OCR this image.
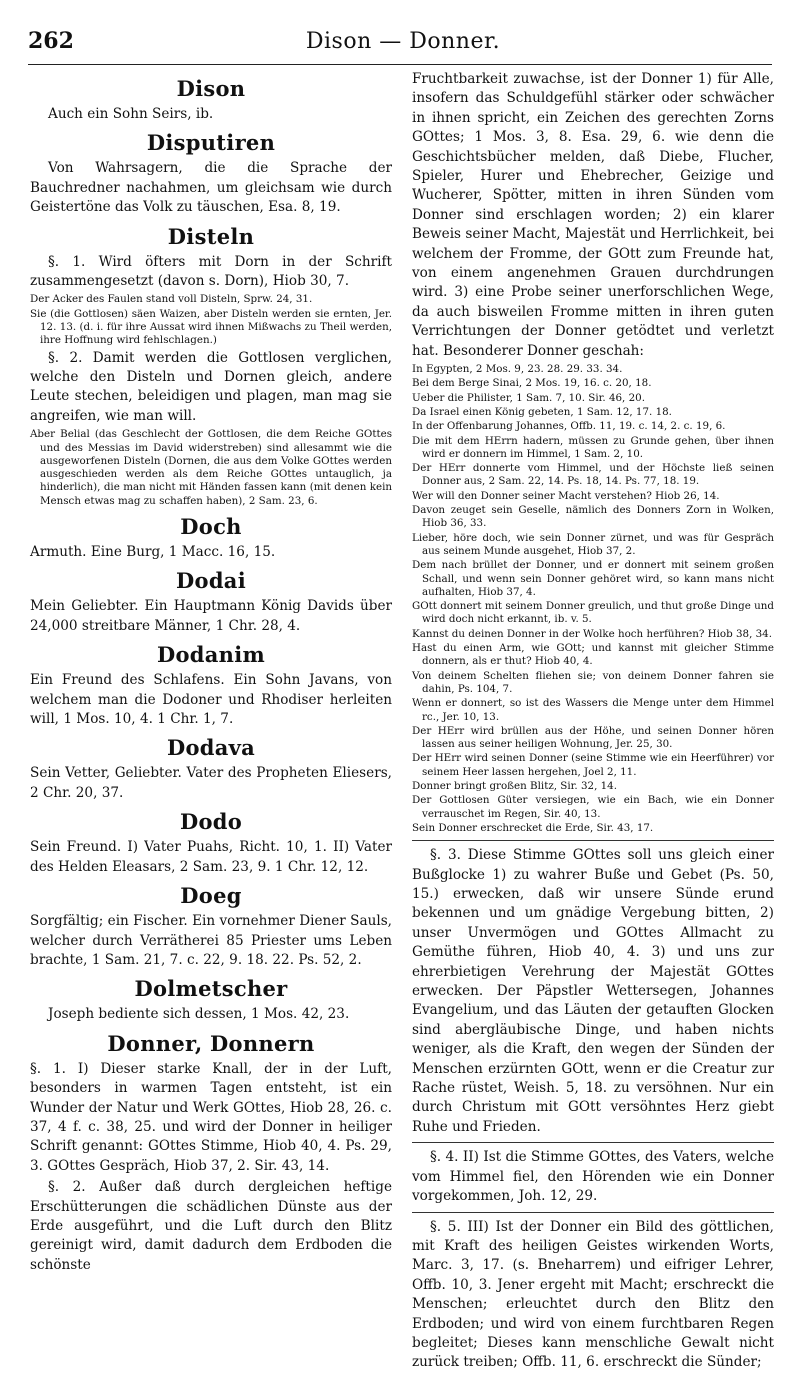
262	Dison — Donner.
Dison

Auch ein Sohn Seirs, ib.

Disputiren

Von Wahrsagern, die die Sprache der Bauchredner nachahmen, um gleichsam wie durch Geistertöne das Volk zu täuschen, Esa. 8, 19.

Disteln

§. 1. Wird öfters mit Dorn in der Schrift zusammengesetzt (davon s. Dorn), Hiob 30, 7.

Der Acker des Faulen stand voll Disteln, Sprw. 24, 31.

Sie (die Gottlosen) säen Waizen, aber Disteln werden sie ernten, Jer. 12. 13. (d. i. für ihre Aussat wird ihnen Mißwachs zu Theil werden, ihre Hoffnung wird fehlschlagen.)

§. 2. Damit werden die Gottlosen verglichen, welche den Disteln und Dornen gleich, andere Leute stechen, beleidigen und plagen, man mag sie angreifen, wie man will.

Aber Belial (das Geschlecht der Gottlosen, die dem Reiche GOttes und des Messias im David widerstreben) sind allesammt wie die ausgeworfenen Disteln (Dornen, die aus dem Volke GOttes werden ausgeschieden werden als dem Reiche GOttes untauglich, ja hinderlich), die man nicht mit Händen fassen kann (mit denen kein Mensch etwas mag zu schaffen haben), 2 Sam. 23, 6.

Doch

Armuth. Eine Burg, 1 Macc. 16, 15.

Dodai

Mein Geliebter. Ein Hauptmann König Davids über 24,000 streitbare Männer, 1 Chr. 28, 4.

Dodanim

Ein Freund des Schlafens. Ein Sohn Javans, von welchem man die Dodoner und Rhodiser herleiten will, 1 Mos. 10, 4. 1 Chr. 1, 7.

Dodava

Sein Vetter, Geliebter. Vater des Propheten Eliesers, 2 Chr. 20, 37.

Dodo

Sein Freund. I) Vater Puahs, Richt. 10, 1. II) Vater des Helden Eleasars, 2 Sam. 23, 9. 1 Chr. 12, 12.

Doeg

Sorgfältig; ein Fischer. Ein vornehmer Diener Sauls, welcher durch Verrätherei 85 Priester ums Leben brachte, 1 Sam. 21, 7. c. 22, 9. 18. 22. Ps. 52, 2.

Dolmetscher

Joseph bediente sich dessen, 1 Mos. 42, 23.

Donner, Donnern

§. 1. I) Dieser starke Knall, der in der Luft, besonders in warmen Tagen entsteht, ist ein Wunder der Natur und Werk GOttes, Hiob 28, 26. c. 37, 4 f. c. 38, 25. und wird der Donner in heiliger Schrift genannt: GOttes Stimme, Hiob 40, 4. Ps. 29, 3. GOttes Gespräch, Hiob 37, 2. Sir. 43, 14.

§. 2. Außer daß durch dergleichen heftige Erschütterungen die schädlichen Dünste aus der Erde ausgeführt, und die Luft durch den Blitz gereinigt wird, damit dadurch dem Erdboden die schönste

Fruchtbarkeit zuwachse, ist der Donner 1) für Alle, insofern das Schuldgefühl stärker oder schwächer in ihnen spricht, ein Zeichen des gerechten Zorns GOttes; 1 Mos. 3, 8. Esa. 29, 6. wie denn die Geschichtsbücher melden, daß Diebe, Flucher, Spieler, Hurer und Ehebrecher, Geizige und Wucherer, Spötter, mitten in ihren Sünden vom Donner sind erschlagen worden; 2) ein klarer Beweis seiner Macht, Majestät und Herrlichkeit, bei welchem der Fromme, der GOtt zum Freunde hat, von einem angenehmen Grauen durchdrungen wird. 3) eine Probe seiner unerforschlichen Wege, da auch bisweilen Fromme mitten in ihren guten Verrichtungen der Donner getödtet und verletzt hat. Besonderer Donner geschah:

In Egypten, 2 Mos. 9, 23. 28. 29. 33. 34.

Bei dem Berge Sinai, 2 Mos. 19, 16. c. 20, 18.

Ueber die Philister, 1 Sam. 7, 10. Sir. 46, 20.

Da Israel einen König gebeten, 1 Sam. 12, 17. 18.

In der Offenbarung Johannes, Offb. 11, 19. c. 14, 2. c. 19, 6.

Die mit dem HErrn hadern, müssen zu Grunde gehen, über ihnen wird er donnern im Himmel, 1 Sam. 2, 10.

Der HErr donnerte vom Himmel, und der Höchste ließ seinen Donner aus, 2 Sam. 22, 14. Ps. 18, 14. Ps. 77, 18. 19.

Wer will den Donner seiner Macht verstehen? Hiob 26, 14.

Davon zeuget sein Gesellе, nämlich des Donners Zorn in Wolken, Hiob 36, 33.

Lieber, höre doch, wie sein Donner zürnet, und was für Gespräch aus seinem Munde ausgehet, Hiob 37, 2.

Dem nach brüllet der Donner, und er donnert mit seinem großen Schall, und wenn sein Donner gehöret wird, so kann mans nicht aufhalten, Hiob 37, 4.

GOtt donnert mit seinem Donner greulich, und thut große Dinge und wird doch nicht erkannt, ib. v. 5.

Kannst du deinen Donner in der Wolke hoch herführen? Hiob 38, 34.

Hast du einen Arm, wie GOtt; und kannst mit gleicher Stimme donnern, als er thut? Hiob 40, 4.

Von deinem Schelten fliehen sie; von deinem Donner fahren sie dahin, Ps. 104, 7.

Wenn er donnert, so ist des Wassers die Menge unter dem Himmel rc., Jer. 10, 13.

Der HErr wird brüllen aus der Höhe, und seinen Donner hören lassen aus seiner heiligen Wohnung, Jer. 25, 30.

Der HErr wird seinen Donner (seine Stimme wie ein Heerführer) vor seinem Heer lassen hergehen, Joel 2, 11.

Donner bringt großen Blitz, Sir. 32, 14.

Der Gottlosen Güter versiegen, wie ein Bach, wie ein Donner verrauschet im Regen, Sir. 40, 13.

Sein Donner erschrecket die Erde, Sir. 43, 17.

§. 3. Diese Stimme GOttes soll uns gleich einer Bußglocke 1) zu wahrer Buße und Gebet (Ps. 50, 15.) erwecken, daß wir unsere Sünde erund bekennen und um gnädige Vergebung bitten, 2) unser Unvermögen und GOttes Allmacht zu Gemüthe führen, Hiob 40, 4. 3) und uns zur ehrerbietigen Verehrung der Majestät GOttes erwecken. Der Päpstler Wettersegen, Johannes Evangelium, und das Läuten der getauften Glocken sind abergläubische Dinge, und haben nichts weniger, als die Kraft, den wegen der Sünden der Menschen erzürnten GOtt, wenn er die Creatur zur Rache rüstet, Weish. 5, 18. zu versöhnen. Nur ein durch Christum mit GOtt versöhntes Herz giebt Ruhe und Frieden.

§. 4. II) Ist die Stimme GOttes, des Vaters, welche vom Himmel fiel, den Hörenden wie ein Donner vorgekommen, Joh. 12, 29.

§. 5. III) Ist der Donner ein Bild des göttlichen, mit Kraft des heiligen Geistes wirkenden Worts, Marc. 3, 17. (s. Bneharгem) und eifriger Lehrer, Offb. 10, 3. Jener ergeht mit Macht; erschreckt die Menschen; erleuchtet durch den Blitz den Erdboden; und wird von einem furchtbaren Regen begleitet; Dieses kann menschliche Gewalt nicht zurück treiben; Offb. 11, 6. erschreckt die Sünder;
